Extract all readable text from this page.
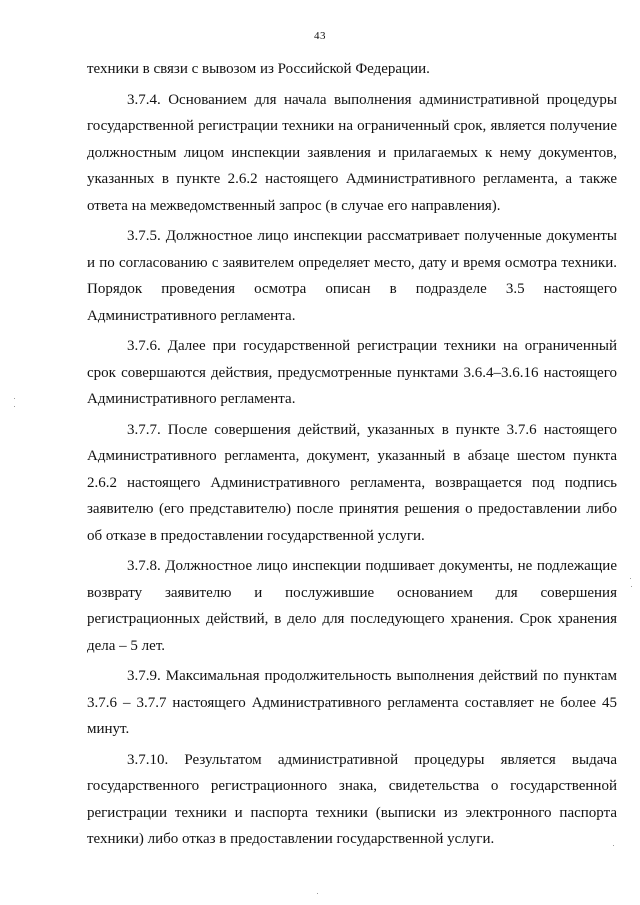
43

техники в связи с вывозом из Российской Федерации.

3.7.4. Основанием для начала выполнения административной процедуры государственной регистрации техники на ограниченный срок, является получение должностным лицом инспекции заявления и прилагаемых к нему документов, указанных в пункте 2.6.2 настоящего Административного регламента, а также ответа на межведомственный запрос (в случае его направления).

3.7.5. Должностное лицо инспекции рассматривает полученные документы и по согласованию с заявителем определяет место, дату и время осмотра техники. Порядок проведения осмотра описан в подразделе 3.5 настоящего Административного регламента.

3.7.6. Далее при государственной регистрации техники на ограниченный срок совершаются действия, предусмотренные пунктами 3.6.4–3.6.16 настоящего Административного регламента.

3.7.7. После совершения действий, указанных в пункте 3.7.6 настоящего Административного регламента, документ, указанный в абзаце шестом пункта 2.6.2 настоящего Административного регламента, возвращается под подпись заявителю (его представителю) после принятия решения о предоставлении либо об отказе в предоставлении государственной услуги.

3.7.8. Должностное лицо инспекции подшивает документы, не подлежащие возврату заявителю и послужившие основанием для совершения регистрационных действий, в дело для последующего хранения. Срок хранения дела – 5 лет.

3.7.9. Максимальная продолжительность выполнения действий по пунктам 3.7.6 – 3.7.7 настоящего Административного регламента составляет не более 45 минут.

3.7.10. Результатом административной процедуры является выдача государственного регистрационного знака, свидетельства о государственной регистрации техники и паспорта техники (выписки из электронного паспорта техники) либо отказ в предоставлении государственной услуги.
